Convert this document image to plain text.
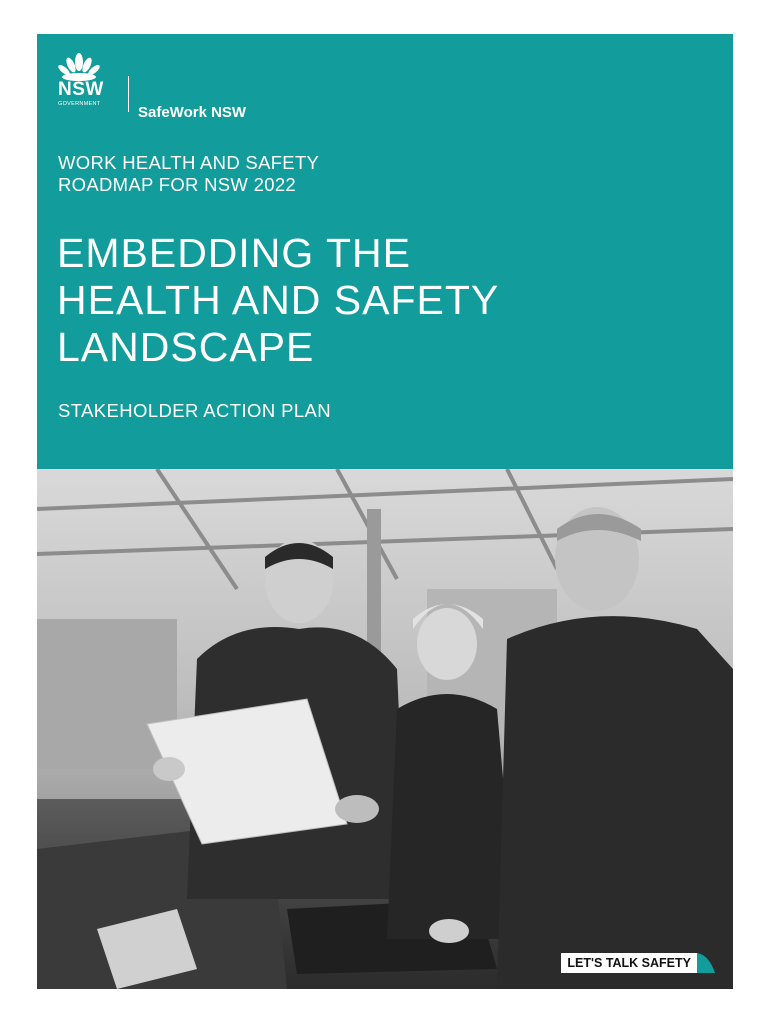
NSW
GOVERNMENT	SafeWork NSW
WORK HEALTH AND SAFETY
ROADMAP FOR NSW 2022
EMBEDDING THE
HEALTH AND SAFETY
LANDSCAPE
STAKEHOLDER ACTION PLAN
LET'S TALK SAFETY
